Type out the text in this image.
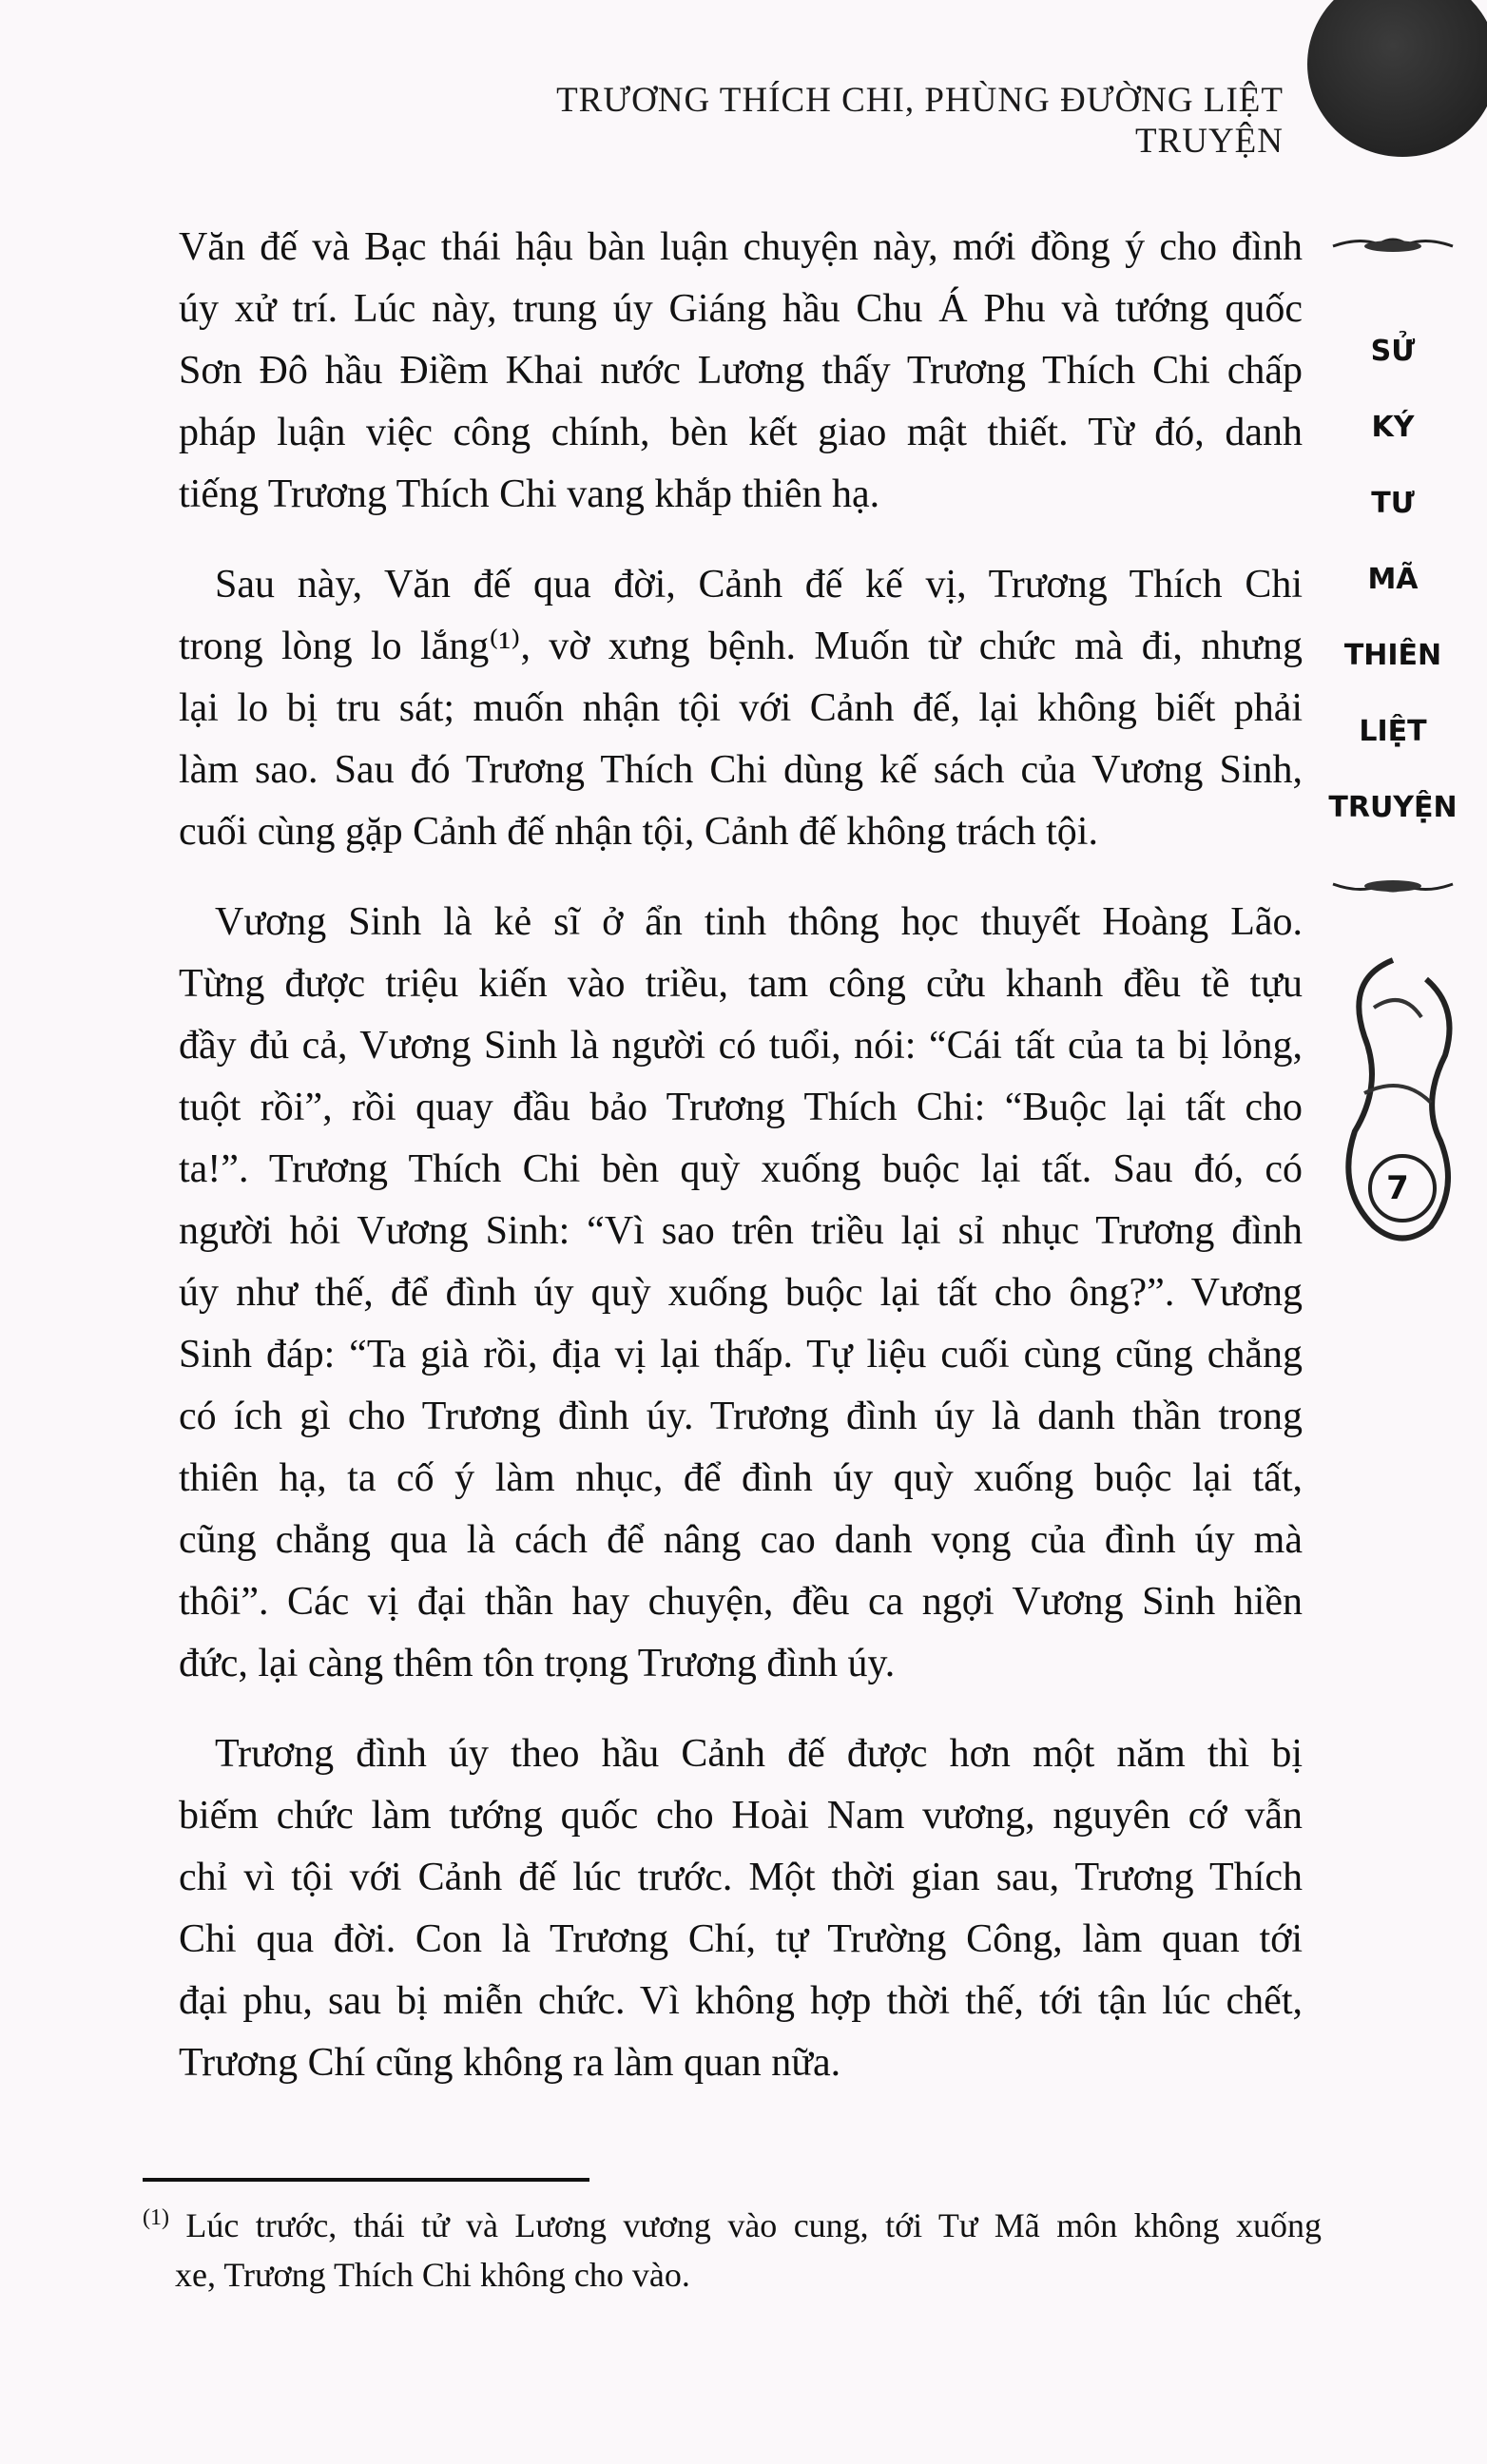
TRƯƠNG THÍCH CHI, PHÙNG ĐƯỜNG LIỆT TRUYỆN
Văn đế và Bạc thái hậu bàn luận chuyện này, mới đồng ý cho đình
úy xử trí. Lúc này, trung úy Giáng hầu Chu Á Phu và tướng quốc
Sơn Đô hầu Điềm Khai nước Lương thấy Trương Thích Chi chấp
pháp luận việc công chính, bèn kết giao mật thiết. Từ đó, danh
tiếng Trương Thích Chi vang khắp thiên hạ.
Sau này, Văn đế qua đời, Cảnh đế kế vị, Trương Thích Chi
trong lòng lo lắng⁽¹⁾, vờ xưng bệnh. Muốn từ chức mà đi, nhưng
lại lo bị tru sát; muốn nhận tội với Cảnh đế, lại không biết phải
làm sao. Sau đó Trương Thích Chi dùng kế sách của Vương Sinh,
cuối cùng gặp Cảnh đế nhận tội, Cảnh đế không trách tội.
Vương Sinh là kẻ sĩ ở ẩn tinh thông học thuyết Hoàng Lão.
Từng được triệu kiến vào triều, tam công cửu khanh đều tề tựu
đầy đủ cả, Vương Sinh là người có tuổi, nói: “Cái tất của ta bị lỏng,
tuột rồi”, rồi quay đầu bảo Trương Thích Chi: “Buộc lại tất cho
ta!”. Trương Thích Chi bèn quỳ xuống buộc lại tất. Sau đó, có
người hỏi Vương Sinh: “Vì sao trên triều lại sỉ nhục Trương đình
úy như thế, để đình úy quỳ xuống buộc lại tất cho ông?”. Vương
Sinh đáp: “Ta già rồi, địa vị lại thấp. Tự liệu cuối cùng cũng chẳng
có ích gì cho Trương đình úy. Trương đình úy là danh thần trong
thiên hạ, ta cố ý làm nhục, để đình úy quỳ xuống buộc lại tất,
cũng chẳng qua là cách để nâng cao danh vọng của đình úy mà
thôi”. Các vị đại thần hay chuyện, đều ca ngợi Vương Sinh hiền
đức, lại càng thêm tôn trọng Trương đình úy.
Trương đình úy theo hầu Cảnh đế được hơn một năm thì bị
biếm chức làm tướng quốc cho Hoài Nam vương, nguyên cớ vẫn
chỉ vì tội với Cảnh đế lúc trước. Một thời gian sau, Trương Thích
Chi qua đời. Con là Trương Chí, tự Trường Công, làm quan tới
đại phu, sau bị miễn chức. Vì không hợp thời thế, tới tận lúc chết,
Trương Chí cũng không ra làm quan nữa.
$^{(1)}$ Lúc trước, thái tử và Lương vương vào cung, tới Tư Mã môn không xuống
xe, Trương Thích Chi không cho vào.
SỬ
KÝ
TƯ
MÃ
THIÊN
LIỆT
TRUYỆN
7
